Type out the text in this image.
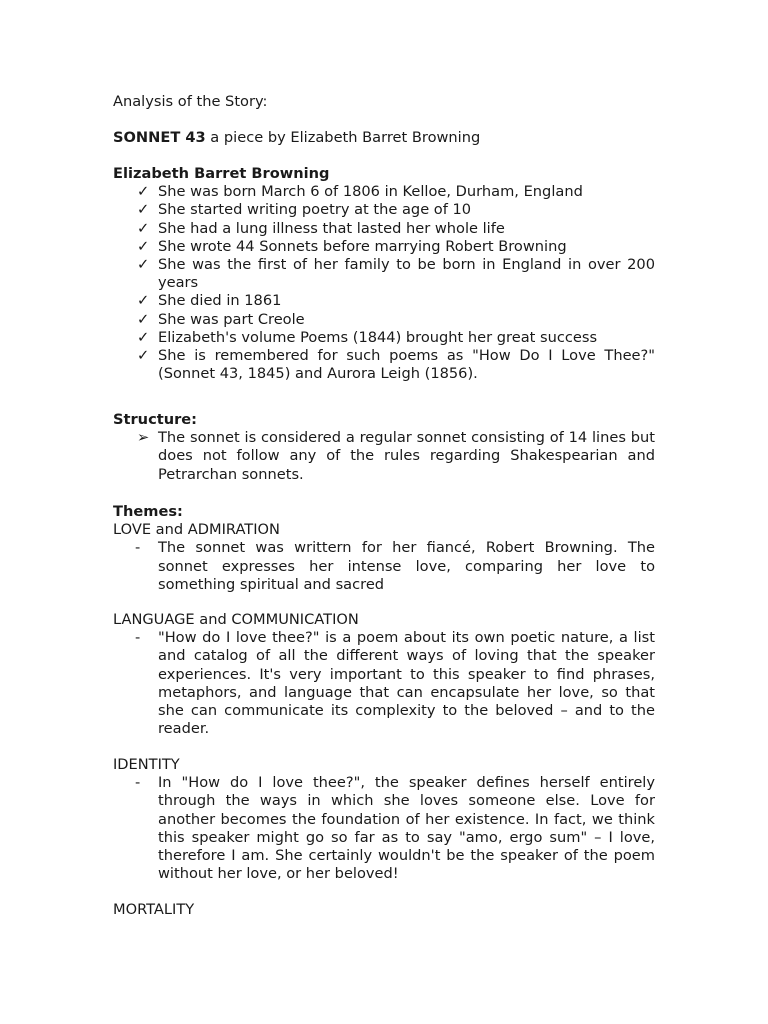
Analysis of the Story:
SONNET 43 a piece by Elizabeth Barret Browning
Elizabeth Barret Browning
✓ She was born March 6 of 1806 in Kelloe, Durham, England
✓ She started writing poetry at the age of 10
✓ She had a lung illness that lasted her whole life
✓ She wrote 44 Sonnets before marrying Robert Browning
✓ She was the first of her family to be born in England in over 200 years
✓ She died in 1861
✓ She was part Creole
✓ Elizabeth's volume Poems (1844) brought her great success
✓ She is remembered for such poems as "How Do I Love Thee?" (Sonnet 43, 1845) and Aurora Leigh (1856).
Structure:
➢ The sonnet is considered a regular sonnet consisting of 14 lines but does not follow any of the rules regarding Shakespearian and Petrarchan sonnets.
Themes:
LOVE and ADMIRATION
-	The sonnet was writtern for her fiancé, Robert Browning. The sonnet expresses her intense love, comparing her love to something spiritual and sacred
LANGUAGE and COMMUNICATION
-	"How do I love thee?" is a poem about its own poetic nature, a list and catalog of all the different ways of loving that the speaker experiences. It's very important to this speaker to find phrases, metaphors, and language that can encapsulate her love, so that she can communicate its complexity to the beloved – and to the reader.
IDENTITY
-	In "How do I love thee?", the speaker defines herself entirely through the ways in which she loves someone else. Love for another becomes the foundation of her existence. In fact, we think this speaker might go so far as to say "amo, ergo sum" – I love, therefore I am. She certainly wouldn't be the speaker of the poem without her love, or her beloved!
MORTALITY
